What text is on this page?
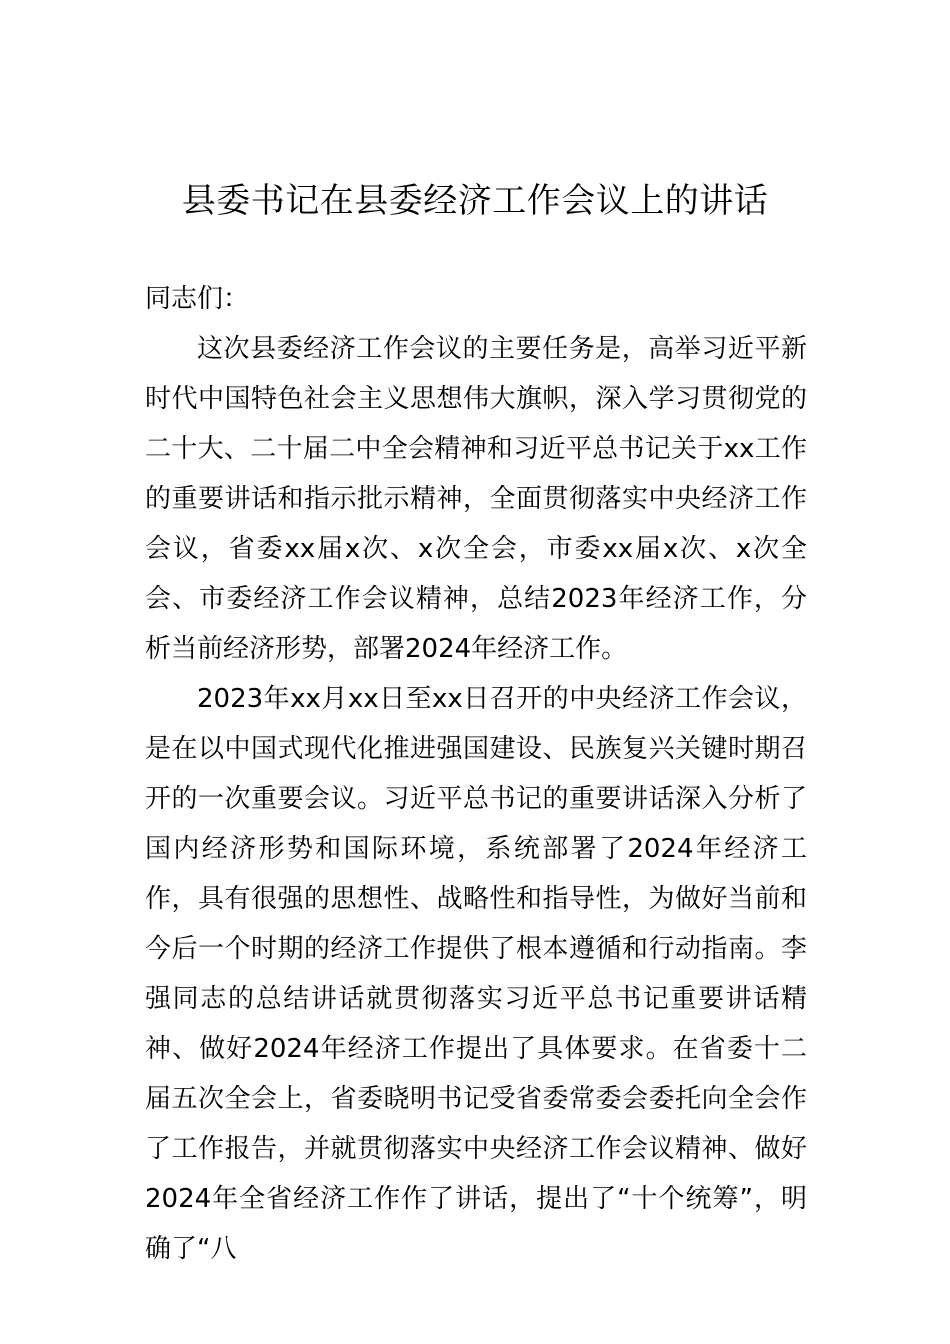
县委书记在县委经济工作会议上的讲话

同志们：

这次县委经济工作会议的主要任务是，高举习近平新时代中国特色社会主义思想伟大旗帜，深入学习贯彻党的二十大、二十届二中全会精神和习近平总书记关于xx工作的重要讲话和指示批示精神，全面贯彻落实中央经济工作会议，省委xx届x次、x次全会，市委xx届x次、x次全会、市委经济工作会议精神，总结2023年经济工作，分析当前经济形势，部署2024年经济工作。

2023年xx月xx日至xx日召开的中央经济工作会议，是在以中国式现代化推进强国建设、民族复兴关键时期召开的一次重要会议。习近平总书记的重要讲话深入分析了国内经济形势和国际环境，系统部署了2024年经济工作，具有很强的思想性、战略性和指导性，为做好当前和今后一个时期的经济工作提供了根本遵循和行动指南。李强同志的总结讲话就贯彻落实习近平总书记重要讲话精神、做好2024年经济工作提出了具体要求。在省委十二届五次全会上，省委晓明书记受省委常委会委托向全会作了工作报告，并就贯彻落实中央经济工作会议精神、做好2024年全省经济工作作了讲话，提出了“十个统筹”，明确了“八
